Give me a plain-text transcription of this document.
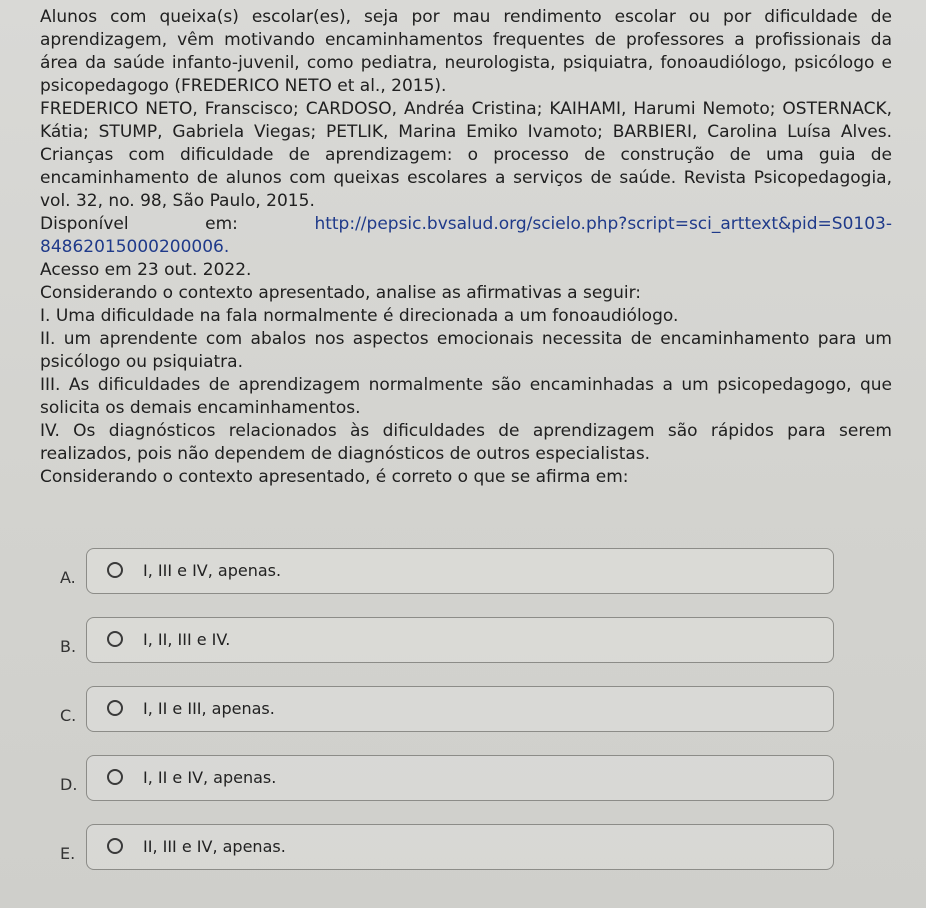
Alunos com queixa(s) escolar(es), seja por mau rendimento escolar ou por dificuldade de aprendizagem, vêm motivando encaminhamentos frequentes de professores a profissionais da área da saúde infanto-juvenil, como pediatra, neurologista, psiquiatra, fonoaudiólogo, psicólogo e psicopedagogo (FREDERICO NETO et al., 2015).

FREDERICO NETO, Franscisco; CARDOSO, Andréa Cristina; KAIHAMI, Harumi Nemoto; OSTERNACK, Kátia; STUMP, Gabriela Viegas; PETLIK, Marina Emiko Ivamoto; BARBIERI, Carolina Luísa Alves. Crianças com dificuldade de aprendizagem: o processo de construção de uma guia de encaminhamento de alunos com queixas escolares a serviços de saúde. Revista Psicopedagogia, vol. 32, no. 98, São Paulo, 2015.

Disponível em: http://pepsic.bvsalud.org/scielo.php?script=sci_arttext&pid=S0103-84862015000200006.

Acesso em 23 out. 2022.

Considerando o contexto apresentado, analise as afirmativas a seguir:

I. Uma dificuldade na fala normalmente é direcionada a um fonoaudiólogo.

II. um aprendente com abalos nos aspectos emocionais necessita de encaminhamento para um psicólogo ou psiquiatra.

III. As dificuldades de aprendizagem normalmente são encaminhadas a um psicopedagogo, que solicita os demais encaminhamentos.

IV. Os diagnósticos relacionados às dificuldades de aprendizagem são rápidos para serem realizados, pois não dependem de diagnósticos de outros especialistas.

Considerando o contexto apresentado, é correto o que se afirma em:

A.	I, III e IV, apenas.
B.	I, II, III e IV.
C.	I, II e III, apenas.
D.	I, II e IV, apenas.
E.	II, III e IV, apenas.
